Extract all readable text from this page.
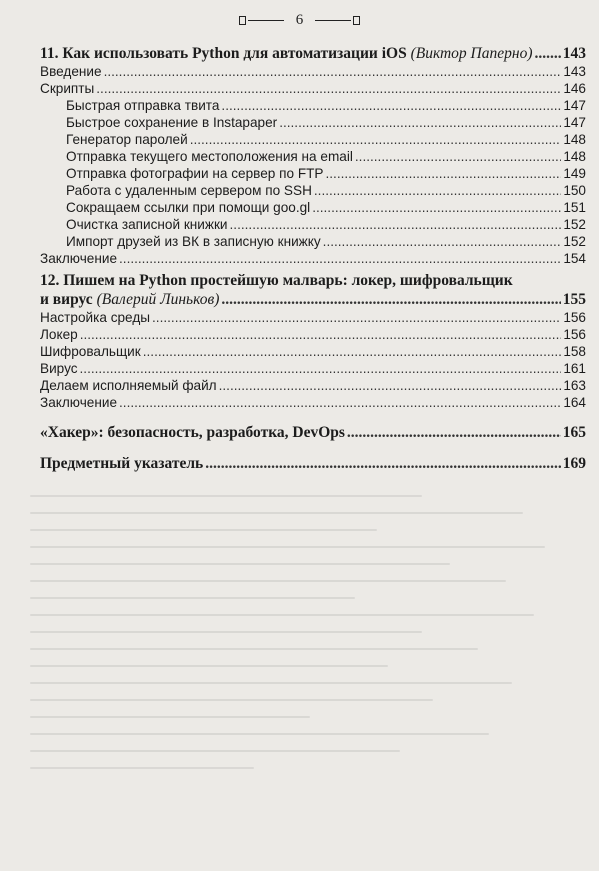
6
11. Как использовать Python для автоматизации iOS (Виктор Паперно) ..... 143
Введение .....	143
Скрипты .....	146
Быстрая отправка твита .....	147
Быстрое сохранение в Instapaper .....	147
Генератор паролей .....	148
Отправка текущего местоположения на email .....	148
Отправка фотографии на сервер по FTP .....	149
Работа с удаленным сервером по SSH .....	150
Сокращаем ссылки при помощи goo.gl .....	151
Очистка записной книжки .....	152
Импорт друзей из ВК в записную книжку .....	152
Заключение .....	154
12. Пишем на Python простейшую малварь: локер, шифровальщик
и вирус (Валерий Линьков) .....	155
Настройка среды .....	156
Локер .....	156
Шифровальщик .....	158
Вирус .....	161
Делаем исполняемый файл .....	163
Заключение .....	164
«Хакер»: безопасность, разработка, DevOps .....	165
Предметный указатель .....	169
